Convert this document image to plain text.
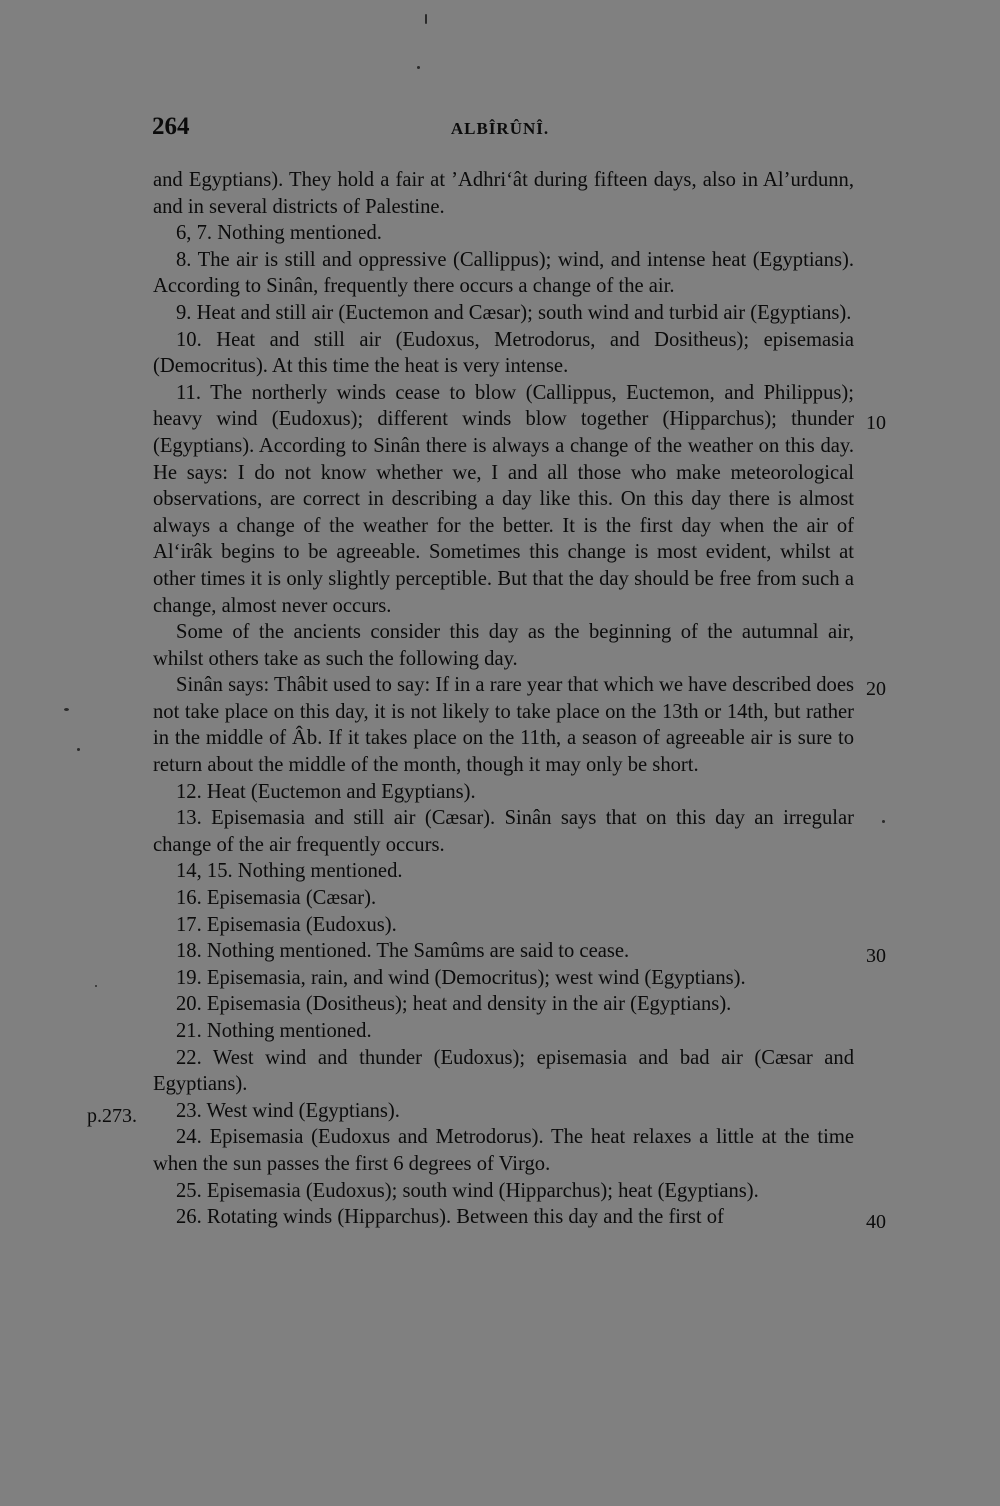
264	ALBÎRÛNÎ.

and Egyptians). They hold a fair at ’Adhri‘ât during fifteen days, also in Al’urdunn, and in several districts of Palestine.

6, 7. Nothing mentioned.

8. The air is still and oppressive (Callippus); wind, and intense heat (Egyptians). According to Sinân, frequently there occurs a change of the air.

9. Heat and still air (Euctemon and Cæsar); south wind and turbid air (Egyptians).

10. Heat and still air (Eudoxus, Metrodorus, and Dositheus); episemasia (Democritus). At this time the heat is very intense.

11. The northerly winds cease to blow (Callippus, Euctemon, and Philippus); heavy wind (Eudoxus); different winds blow together (Hipparchus); thunder (Egyptians). According to Sinân there is always a change of the weather on this day. He says: I do not know whether we, I and all those who make meteorological observations, are correct in describing a day like this. On this day there is almost always a change of the weather for the better. It is the first day when the air of Al‘irâk begins to be agreeable. Sometimes this change is most evident, whilst at other times it is only slightly perceptible. But that the day should be free from such a change, almost never occurs.

Some of the ancients consider this day as the beginning of the autumnal air, whilst others take as such the following day.

Sinân says: Thâbit used to say: If in a rare year that which we have described does not take place on this day, it is not likely to take place on the 13th or 14th, but rather in the middle of Âb. If it takes place on the 11th, a season of agreeable air is sure to return about the middle of the month, though it may only be short.

12. Heat (Euctemon and Egyptians).

13. Episemasia and still air (Cæsar). Sinân says that on this day an irregular change of the air frequently occurs.

14, 15. Nothing mentioned.

16. Episemasia (Cæsar).

17. Episemasia (Eudoxus).

18. Nothing mentioned. The Samûms are said to cease.

19. Episemasia, rain, and wind (Democritus); west wind (Egyptians).

20. Episemasia (Dositheus); heat and density in the air (Egyptians).

21. Nothing mentioned.

22. West wind and thunder (Eudoxus); episemasia and bad air (Cæsar and Egyptians).

23. West wind (Egyptians).

24. Episemasia (Eudoxus and Metrodorus). The heat relaxes a little at the time when the sun passes the first 6 degrees of Virgo.

25. Episemasia (Eudoxus); south wind (Hipparchus); heat (Egyptians).

26. Rotating winds (Hipparchus). Between this day and the first of

10
20
30
40
p.273.
